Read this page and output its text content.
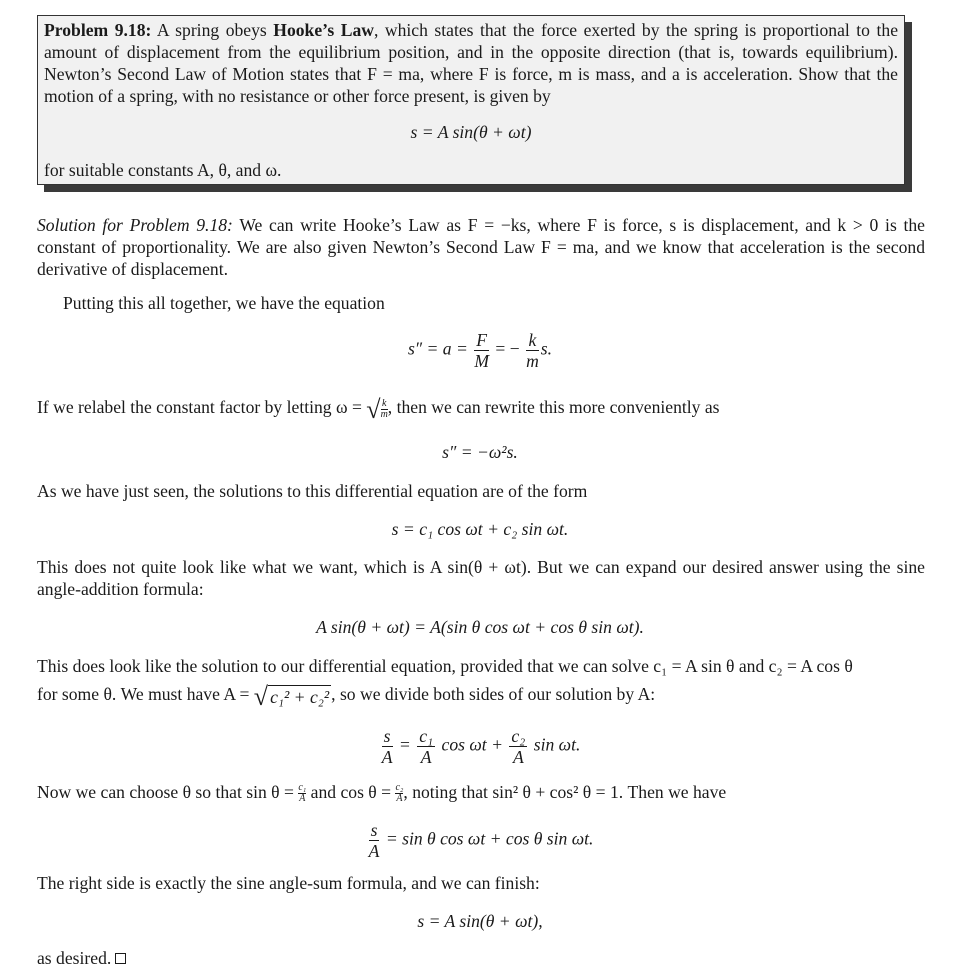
Problem 9.18: A spring obeys Hooke’s Law, which states that the force exerted by the spring is proportional to the amount of displacement from the equilibrium position, and in the opposite direction (that is, towards equilibrium). Newton’s Second Law of Motion states that F = ma, where F is force, m is mass, and a is acceleration. Show that the motion of a spring, with no resistance or other force present, is given by

s = A sin(θ + ωt)

for suitable constants A, θ, and ω.

Solution for Problem 9.18: We can write Hooke’s Law as F = −ks, where F is force, s is displacement, and k > 0 is the constant of proportionality. We are also given Newton’s Second Law F = ma, and we know that acceleration is the second derivative of displacement.

Putting this all together, we have the equation
$s'' = a = \frac{F}{M}$ = − $\frac{k}{m} s$.
If we relabel the constant factor by letting ω = √ $\frac{k}{m}$ , then we can rewrite this more conveniently as
s″ = −ω²s.
As we have just seen, the solutions to this differential equation are of the form
s = c₁ cos ωt + c₂ sin ωt.

This does not quite look like what we want, which is A sin(θ + ωt). But we can expand our desired answer using the sine angle-addition formula:

A sin(θ + ωt) = A(sin θ cos ωt + cos θ sin ωt).
This does look like the solution to our differential equation, provided that we can solve c₁ = A sin θ and c₂ = A cos θ
for some θ. We must have A = √ c₁² + c₂² , so we divide both sides of our solution by A:
$\frac{s}{A} = \frac{\text{c₁}}{A}$ $\cos \omega t + \frac{\text{c₂}}{A}$ sin ωt.
Now we can choose θ so that $\sin \theta = \frac{\text{c₁}}{A}$ and $\cos \theta = \frac{\text{c₂}}{A}$ , noting that sin² θ + cos² θ = 1. Then we have
$\frac{s}{A} = \sin \theta$ cos ωt + cos θ sin ωt.
The right side is exactly the sine angle-sum formula, and we can finish:
s = A sin(θ + ωt),
as desired.
